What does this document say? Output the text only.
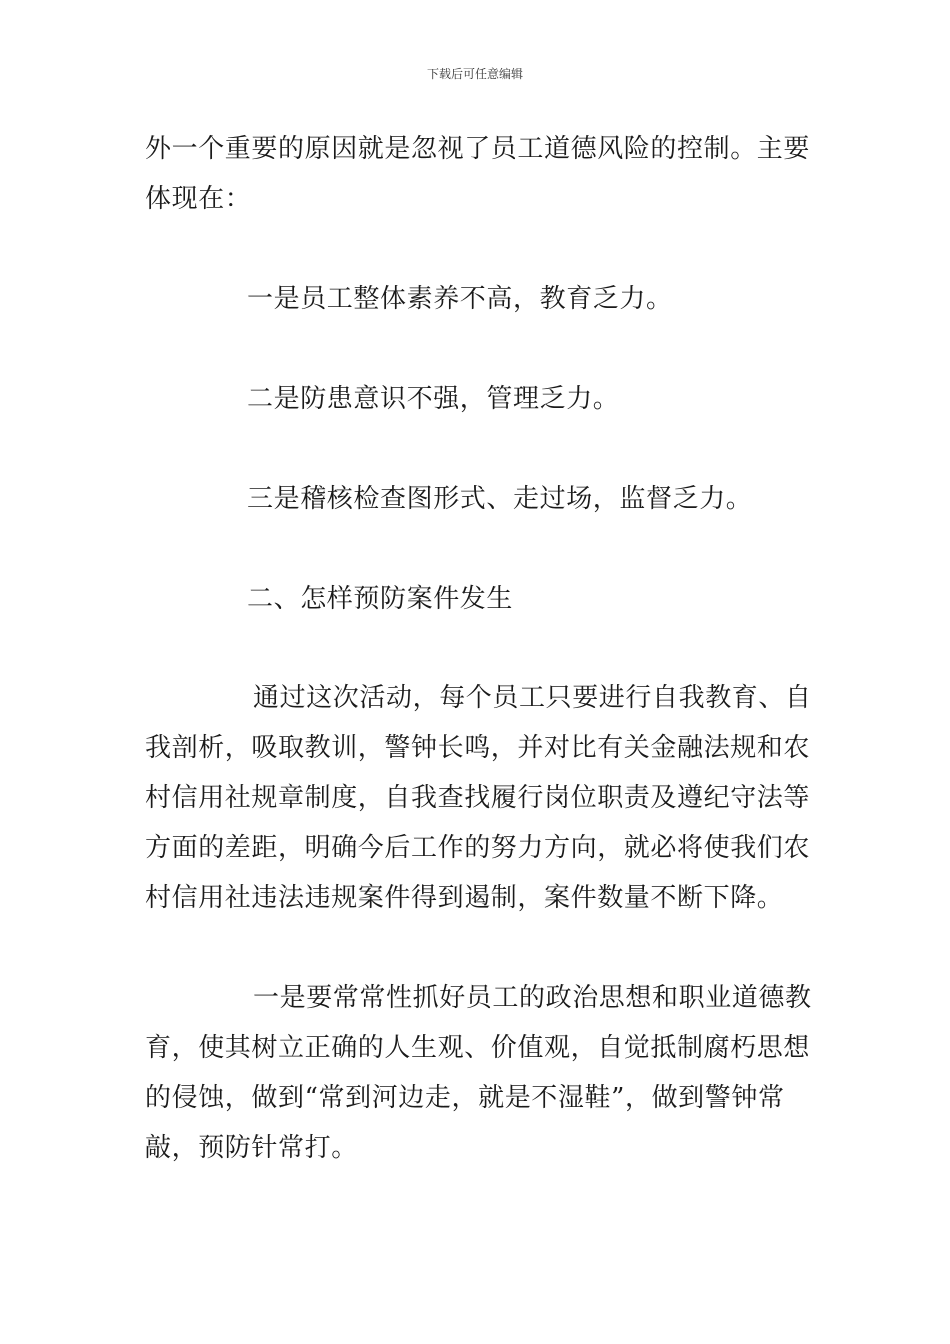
下载后可任意编辑
外一个重要的原因就是忽视了员工道德风险的控制。主要
体现在：
一是员工整体素养不高，教育乏力。
二是防患意识不强，管理乏力。
三是稽核检查图形式、走过场，监督乏力。
二、怎样预防案件发生
通过这次活动，每个员工只要进行自我教育、自
我剖析，吸取教训，警钟长鸣，并对比有关金融法规和农
村信用社规章制度，自我查找履行岗位职责及遵纪守法等
方面的差距，明确今后工作的努力方向，就必将使我们农
村信用社违法违规案件得到遏制，案件数量不断下降。
一是要常常性抓好员工的政治思想和职业道德教
育，使其树立正确的人生观、价值观，自觉抵制腐朽思想
的侵蚀，做到“常到河边走，就是不湿鞋”，做到警钟常
敲，预防针常打。
